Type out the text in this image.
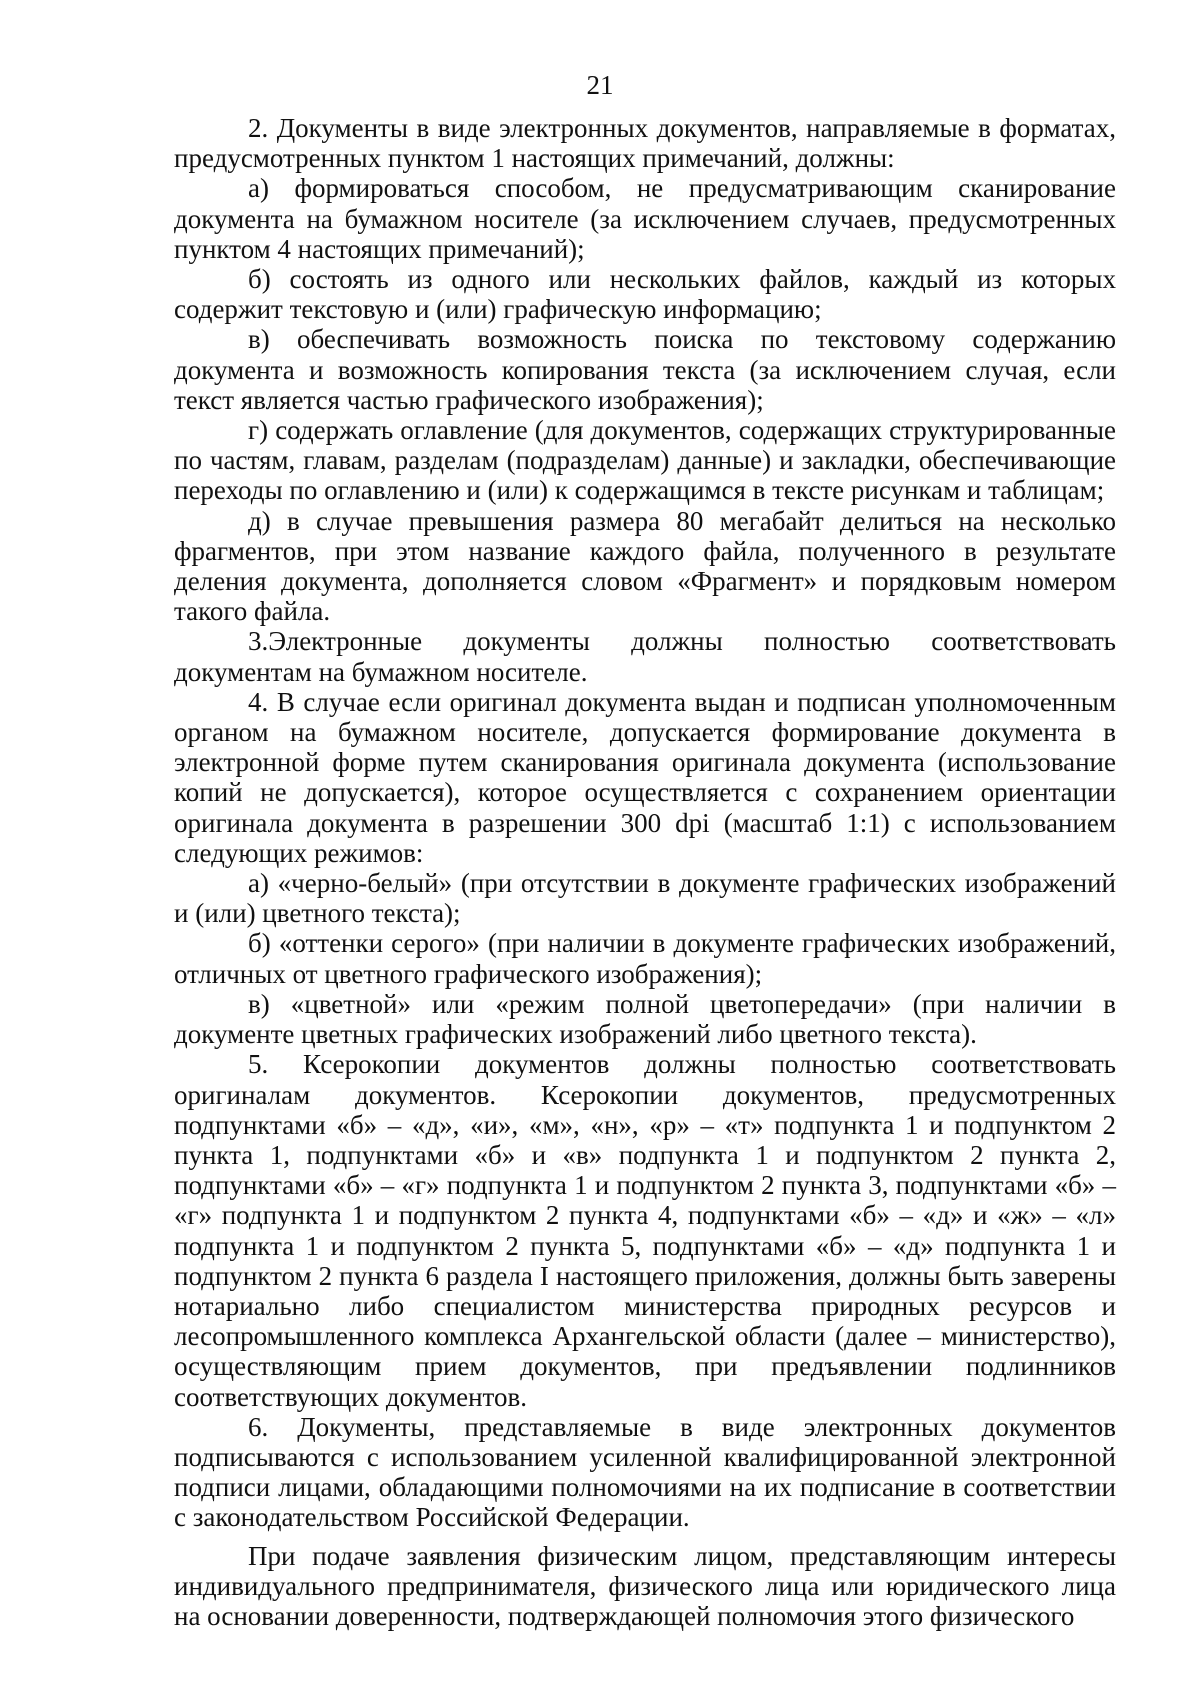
21

2. Документы в виде электронных документов, направляемые в форматах, предусмотренных пунктом 1 настоящих примечаний, должны:

а) формироваться способом, не предусматривающим сканирование документа на бумажном носителе (за исключением случаев, предусмотренных пунктом 4 настоящих примечаний);

б) состоять из одного или нескольких файлов, каждый из которых содержит текстовую и (или) графическую информацию;

в) обеспечивать возможность поиска по текстовому содержанию документа и возможность копирования текста (за исключением случая, если текст является частью графического изображения);

г) содержать оглавление (для документов, содержащих структурированные по частям, главам, разделам (подразделам) данные) и закладки, обеспечивающие переходы по оглавлению и (или) к содержащимся в тексте рисункам и таблицам;

д) в случае превышения размера 80 мегабайт делиться на несколько фрагментов, при этом название каждого файла, полученного в результате деления документа, дополняется словом «Фрагмент» и порядковым номером такого файла.

3.Электронные документы должны полностью соответствовать документам на бумажном носителе.

4. В случае если оригинал документа выдан и подписан уполномоченным органом на бумажном носителе, допускается формирование документа в электронной форме путем сканирования оригинала документа (использование копий не допускается), которое осуществляется с сохранением ориентации оригинала документа в разрешении 300 dpi (масштаб 1:1) с использованием следующих режимов:

а) «черно-белый» (при отсутствии в документе графических изображений и (или) цветного текста);

б) «оттенки серого» (при наличии в документе графических изображений, отличных от цветного графического изображения);

в) «цветной» или «режим полной цветопередачи» (при наличии в документе цветных графических изображений либо цветного текста).

5. Ксерокопии документов должны полностью соответствовать оригиналам документов. Ксерокопии документов, предусмотренных подпунктами «б» – «д», «и», «м», «н», «р» – «т» подпункта 1 и подпунктом 2 пункта 1, подпунктами «б» и «в» подпункта 1 и подпунктом 2 пункта 2, подпунктами «б» – «г» подпункта 1 и подпунктом 2 пункта 3, подпунктами «б» – «г» подпункта 1 и подпунктом 2 пункта 4, подпунктами «б» – «д» и «ж» – «л» подпункта 1 и подпунктом 2 пункта 5, подпунктами «б» – «д» подпункта 1 и подпунктом 2 пункта 6 раздела I настоящего приложения, должны быть заверены нотариально либо специалистом министерства природных ресурсов и лесопромышленного комплекса Архангельской области (далее – министерство), осуществляющим прием документов, при предъявлении подлинников соответствующих документов.

6. Документы, представляемые в виде электронных документов подписываются с использованием усиленной квалифицированной электронной подписи лицами, обладающими полномочиями на их подписание в соответствии с законодательством Российской Федерации.

При подаче заявления физическим лицом, представляющим интересы индивидуального предпринимателя, физического лица или юридического лица на основании доверенности, подтверждающей полномочия этого физического
